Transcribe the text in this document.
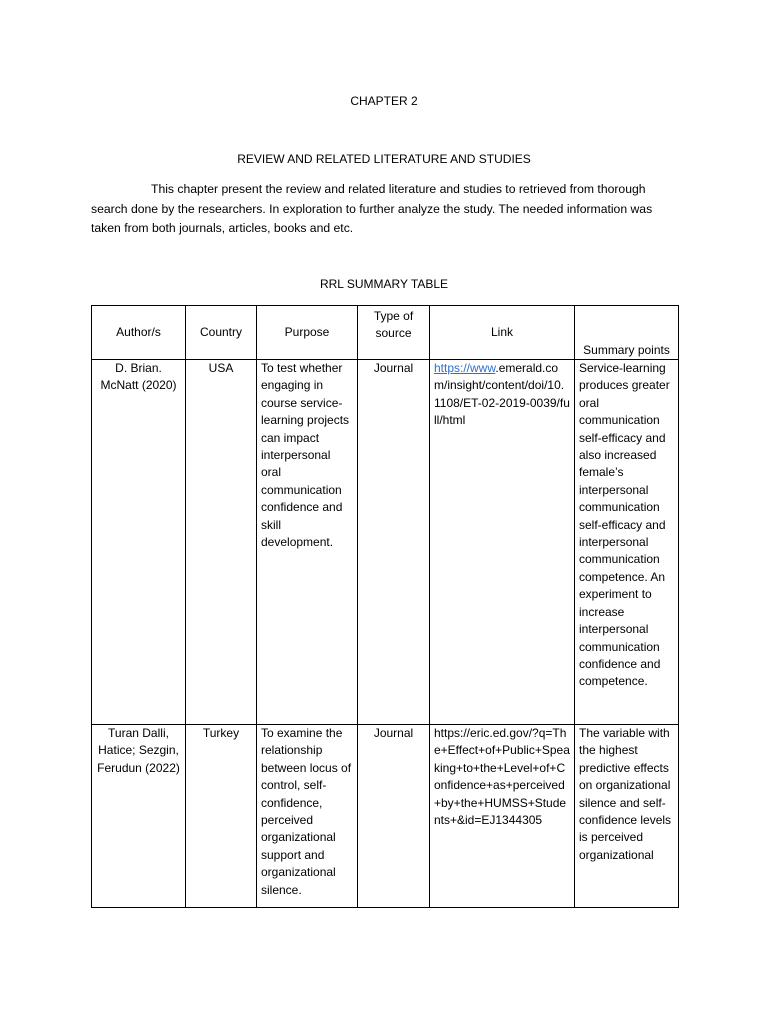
CHAPTER 2

REVIEW AND RELATED LITERATURE AND STUDIES

This chapter present the review and related literature and studies to retrieved from thorough search done by the researchers. In exploration to further analyze the study. The needed information was taken from both journals, articles, books and etc.

RRL SUMMARY TABLE

Author/s	Country	Purpose	Type of source	Link	Summary points
D. Brian. McNatt (2020)	USA	To test whether engaging in course service-learning projects can impact interpersonal oral communication confidence and skill development.	Journal	https://www.emerald.com/insight/content/doi/10.1108/ET-02-2019-0039/full/html	Service-learning produces greater oral communication self-efficacy and also increased female’s interpersonal communication self-efficacy and interpersonal communication competence. An experiment to increase interpersonal communication confidence and competence.
Turan Dalli, Hatice; Sezgin, Ferudun (2022)	Turkey	To examine the relationship between locus of control, self-confidence, perceived organizational support and organizational silence.	Journal	https://eric.ed.gov/?q=The+Effect+of+Public+Speaking+to+the+Level+of+Confidence+as+perceived+by+the+HUMSS+Students+&id=EJ1344305	The variable with the highest predictive effects on organizational silence and self-confidence levels is perceived organizational
